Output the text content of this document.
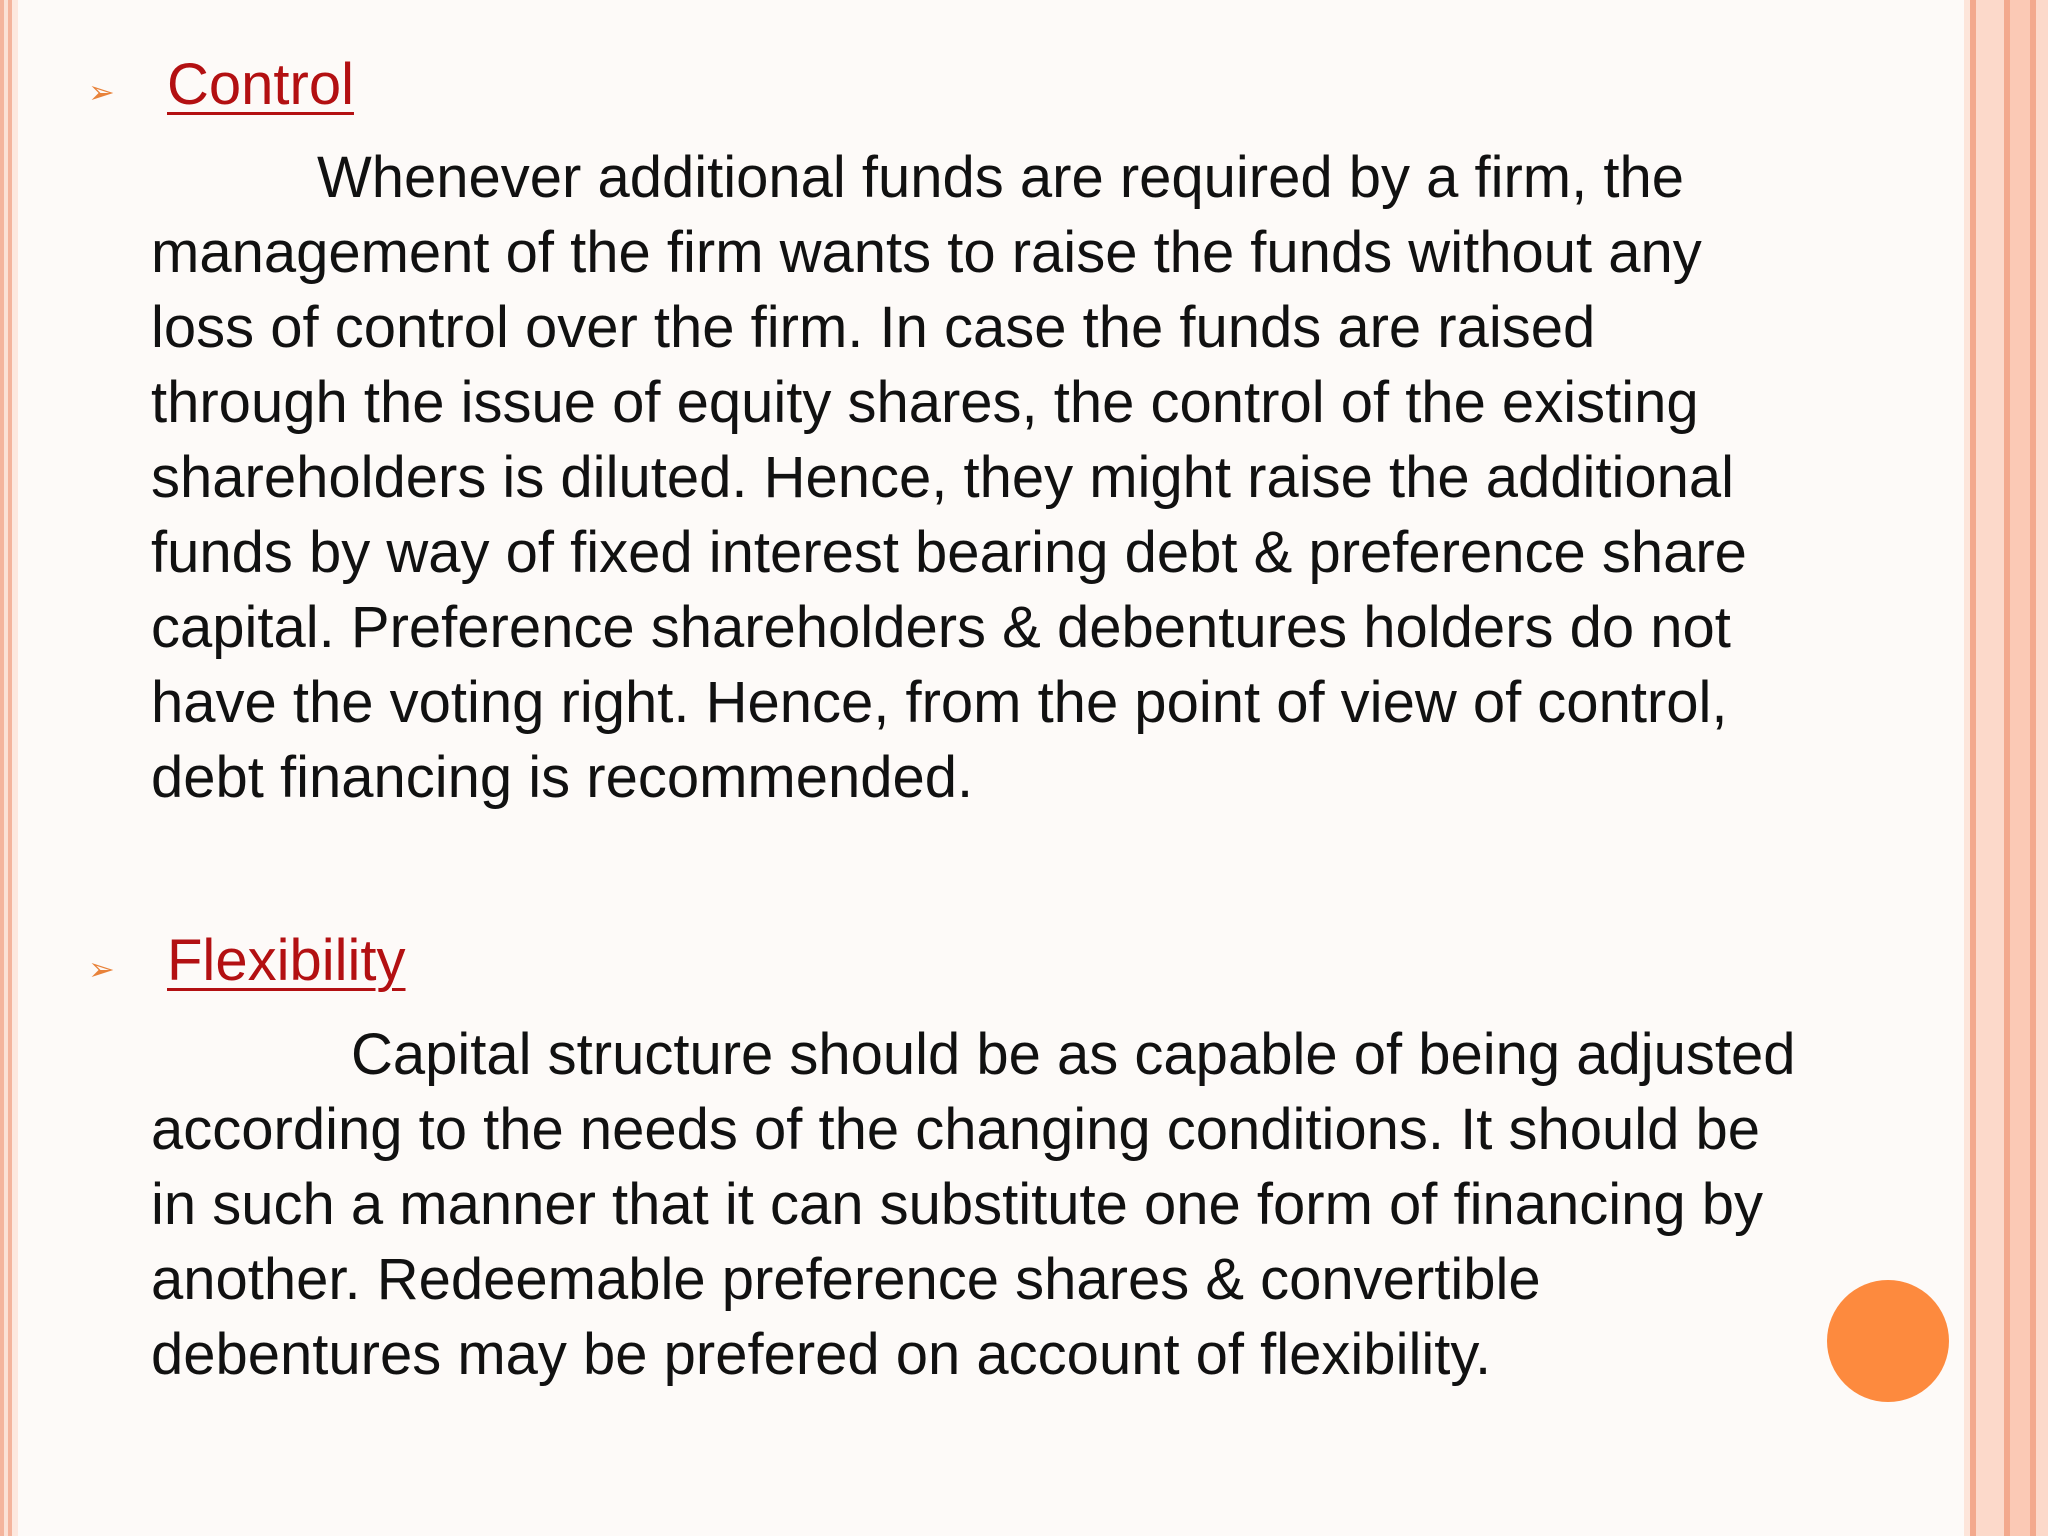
➢ Control
Whenever additional funds are required by a firm, the
management of the firm wants to raise the funds without any
loss of control over the firm. In case the funds are raised
through the issue of equity shares, the control of the existing
shareholders is diluted. Hence, they might raise the additional
funds by way of fixed interest bearing debt & preference share
capital. Preference shareholders & debentures holders do not
have the voting right. Hence, from the point of view of control,
debt financing is recommended.
➢ Flexibility
Capital structure should be as capable of being adjusted
according to the needs of the changing conditions. It should be
in such a manner that it can substitute one form of financing by
another. Redeemable preference shares & convertible
debentures may be prefered on account of flexibility.
